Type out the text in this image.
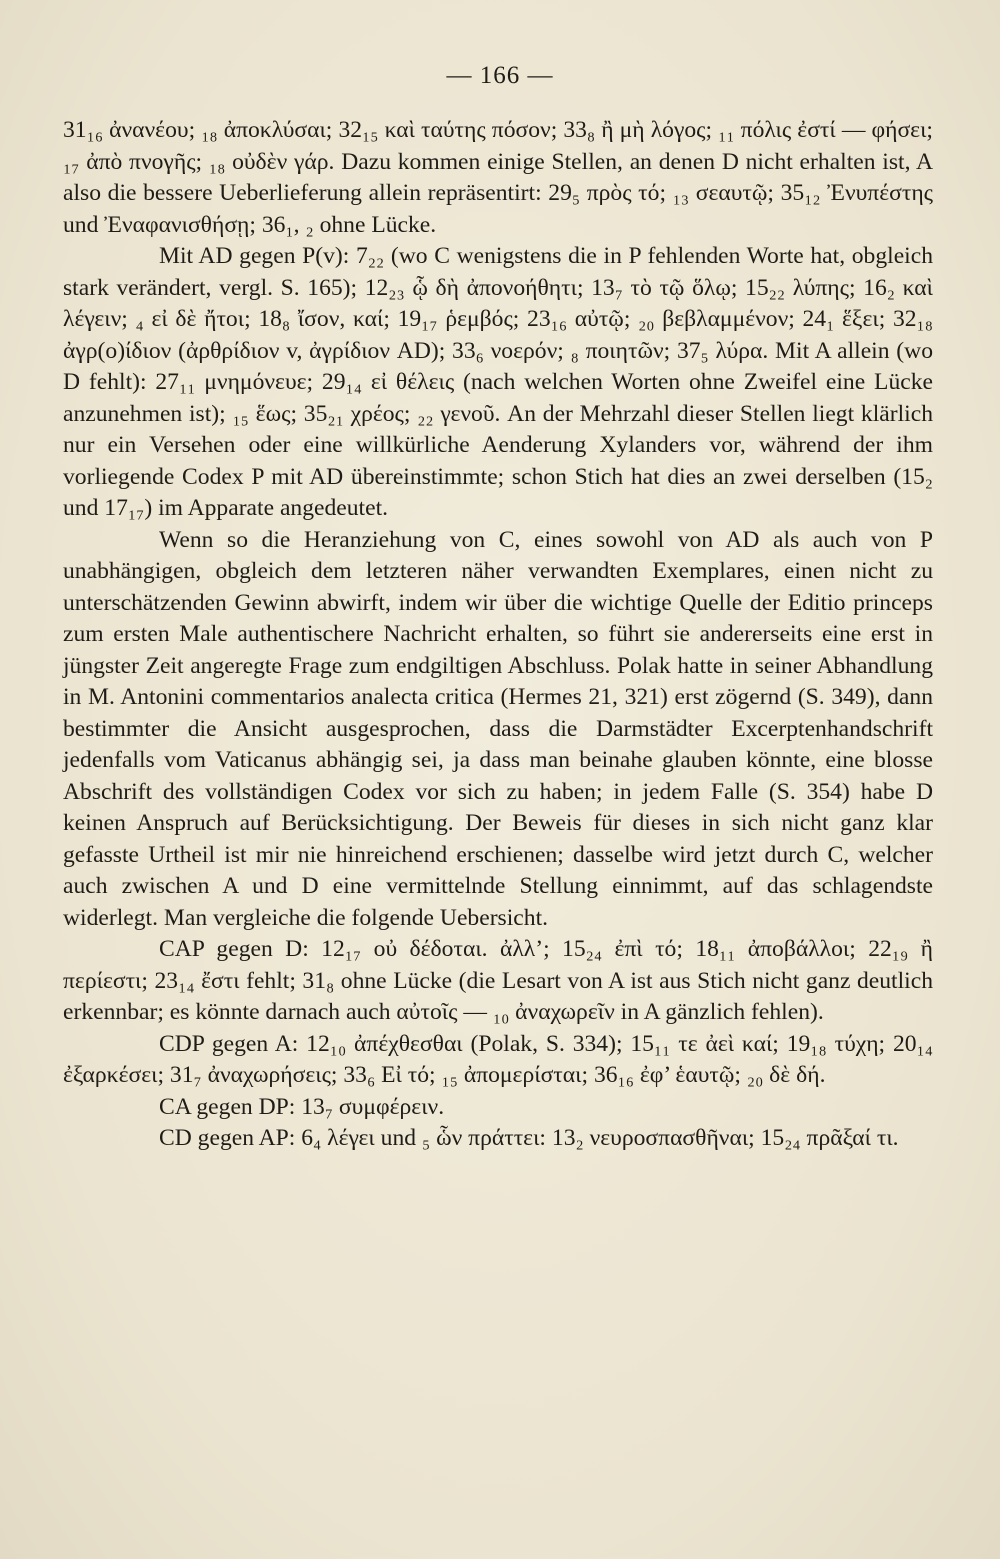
— 166 —

31₁₆ ἀνανέου; ₁₈ ἀποκλύσαι; 32₁₅ καὶ ταύτης πόσον; 33₈ ἢ μὴ λόγος; ₁₁ πόλις ἐστί — φήσει; ₁₇ ἀπὸ πνογῆς; ₁₈ οὐδὲν γάρ. Dazu kommen einige Stellen, an denen D nicht erhalten ist, A also die bessere Ueberlieferung allein repräsentirt: 29₅ πρὸς τό; ₁₃ σεαυτῷ; 35₁₂ Ἐνυπέστης und Ἐναφανισθήσῃ; 36₁, ₂ ohne Lücke.

Mit AD gegen P(v): 7₂₂ (wo C wenigstens die in P fehlenden Worte hat, obgleich stark verändert, vergl. S. 165); 12₂₃ ᾧ δὴ ἀπονοήθητι; 13₇ τὸ τῷ ὅλῳ; 15₂₂ λύπης; 16₂ καὶ λέγειν; ₄ εἰ δὲ ἤτοι; 18₈ ἴσον, καί; 19₁₇ ῥεμβός; 23₁₆ αὐτῷ; ₂₀ βεβλαμμένον; 24₁ ἕξει; 32₁₈ ἀγρ(ο)ίδιον (ἀρθρίδιον v, ἀγρίδιον AD); 33₆ νοερόν; ₈ ποιητῶν; 37₅ λύρα. Mit A allein (wo D fehlt): 27₁₁ μνημόνευε; 29₁₄ εἰ θέλεις (nach welchen Worten ohne Zweifel eine Lücke anzunehmen ist); ₁₅ ἕως; 35₂₁ χρέος; ₂₂ γενοῦ. An der Mehrzahl dieser Stellen liegt klärlich nur ein Versehen oder eine willkürliche Aenderung Xylanders vor, während der ihm vorliegende Codex P mit AD übereinstimmte; schon Stich hat dies an zwei derselben (15₂ und 17₁₇) im Apparate angedeutet.

Wenn so die Heranziehung von C, eines sowohl von AD als auch von P unabhängigen, obgleich dem letzteren näher verwandten Exemplares, einen nicht zu unterschätzenden Gewinn abwirft, indem wir über die wichtige Quelle der Editio princeps zum ersten Male authentischere Nachricht erhalten, so führt sie andererseits eine erst in jüngster Zeit angeregte Frage zum endgiltigen Abschluss. Polak hatte in seiner Abhandlung in M. Antonini commentarios analecta critica (Hermes 21, 321) erst zögernd (S. 349), dann bestimmter die Ansicht ausgesprochen, dass die Darmstädter Excerptenhandschrift jedenfalls vom Vaticanus abhängig sei, ja dass man beinahe glauben könnte, eine blosse Abschrift des vollständigen Codex vor sich zu haben; in jedem Falle (S. 354) habe D keinen Anspruch auf Berücksichtigung. Der Beweis für dieses in sich nicht ganz klar gefasste Urtheil ist mir nie hinreichend erschienen; dasselbe wird jetzt durch C, welcher auch zwischen A und D eine vermittelnde Stellung einnimmt, auf das schlagendste widerlegt. Man vergleiche die folgende Uebersicht.

CAP gegen D: 12₁₇ οὐ δέδοται. ἀλλ’; 15₂₄ ἐπὶ τό; 18₁₁ ἀποβάλλοι; 22₁₉ ἢ περίεστι; 23₁₄ ἔστι fehlt; 31₈ ohne Lücke (die Lesart von A ist aus Stich nicht ganz deutlich erkennbar; es könnte darnach auch αὐτοῖς — ₁₀ ἀναχωρεῖν in A gänzlich fehlen).

CDP gegen A: 12₁₀ ἀπέχθεσθαι (Polak, S. 334); 15₁₁ τε ἀεὶ καί; 19₁₈ τύχη; 20₁₄ ἐξαρκέσει; 31₇ ἀναχωρήσεις; 33₆ Εἰ τό; ₁₅ ἀπομερίσται; 36₁₆ ἐφ’ ἑαυτῷ; ₂₀ δὲ δή.

CA gegen DP: 13₇ συμφέρειν.

CD gegen AP: 6₄ λέγει und ₅ ὧν πράττει: 13₂ νευροσπασθῆναι; 15₂₄ πρᾶξαί τι.
